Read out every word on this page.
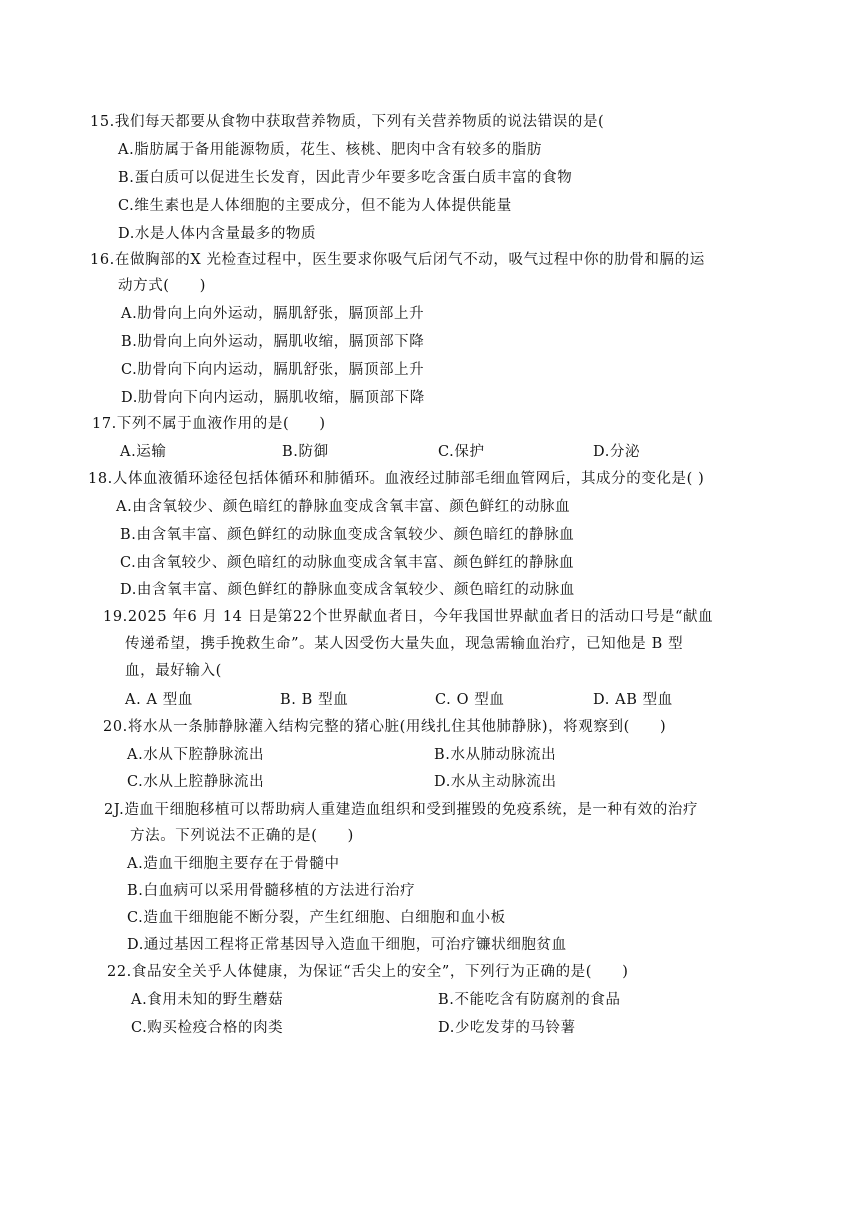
15.我们每天都要从食物中获取营养物质，下列有关营养物质的说法错误的是(
A.脂肪属于备用能源物质，花生、核桃、肥肉中含有较多的脂肪
B.蛋白质可以促进生长发育，因此青少年要多吃含蛋白质丰富的食物
C.维生素也是人体细胞的主要成分，但不能为人体提供能量
D.水是人体内含量最多的物质
16.在做胸部的X 光检查过程中，医生要求你吸气后闭气不动，吸气过程中你的肋骨和膈的运
动方式(　　)
A.肋骨向上向外运动，膈肌舒张，膈顶部上升
B.肋骨向上向外运动，膈肌收缩，膈顶部下降
C.肋骨向下向内运动，膈肌舒张，膈顶部上升
D.肋骨向下向内运动，膈肌收缩，膈顶部下降
17.下列不属于血液作用的是(　　)
A.运输	B.防御	C.保护	D.分泌
18.人体血液循环途径包括体循环和肺循环。血液经过肺部毛细血管网后，其成分的变化是( )
A.由含氧较少、颜色暗红的静脉血变成含氧丰富、颜色鲜红的动脉血
B.由含氧丰富、颜色鲜红的动脉血变成含氧较少、颜色暗红的静脉血
C.由含氧较少、颜色暗红的动脉血变成含氧丰富、颜色鲜红的静脉血
D.由含氧丰富、颜色鲜红的静脉血变成含氧较少、颜色暗红的动脉血
19.2025 年6 月 14 日是第22个世界献血者日，今年我国世界献血者日的活动口号是“献血
传递希望，携手挽救生命”。某人因受伤大量失血，现急需输血治疗，已知他是 B 型
血，最好输入(
A. A 型血	B. B 型血	C. O 型血	D. AB 型血
20.将水从一条肺静脉灌入结构完整的猪心脏(用线扎住其他肺静脉)，将观察到(　　)
A.水从下腔静脉流出	B.水从肺动脉流出
C.水从上腔静脉流出	D.水从主动脉流出
2J.造血干细胞移植可以帮助病人重建造血组织和受到摧毁的免疫系统，是一种有效的治疗
方法。下列说法不正确的是(　　)
A.造血干细胞主要存在于骨髓中
B.白血病可以采用骨髓移植的方法进行治疗
C.造血干细胞能不断分裂，产生红细胞、白细胞和血小板
D.通过基因工程将正常基因导入造血干细胞，可治疗镰状细胞贫血
22.食品安全关乎人体健康，为保证“舌尖上的安全”，下列行为正确的是(　　)
A.食用未知的野生蘑菇	B.不能吃含有防腐剂的食品
C.购买检疫合格的肉类	D.少吃发芽的马铃薯
